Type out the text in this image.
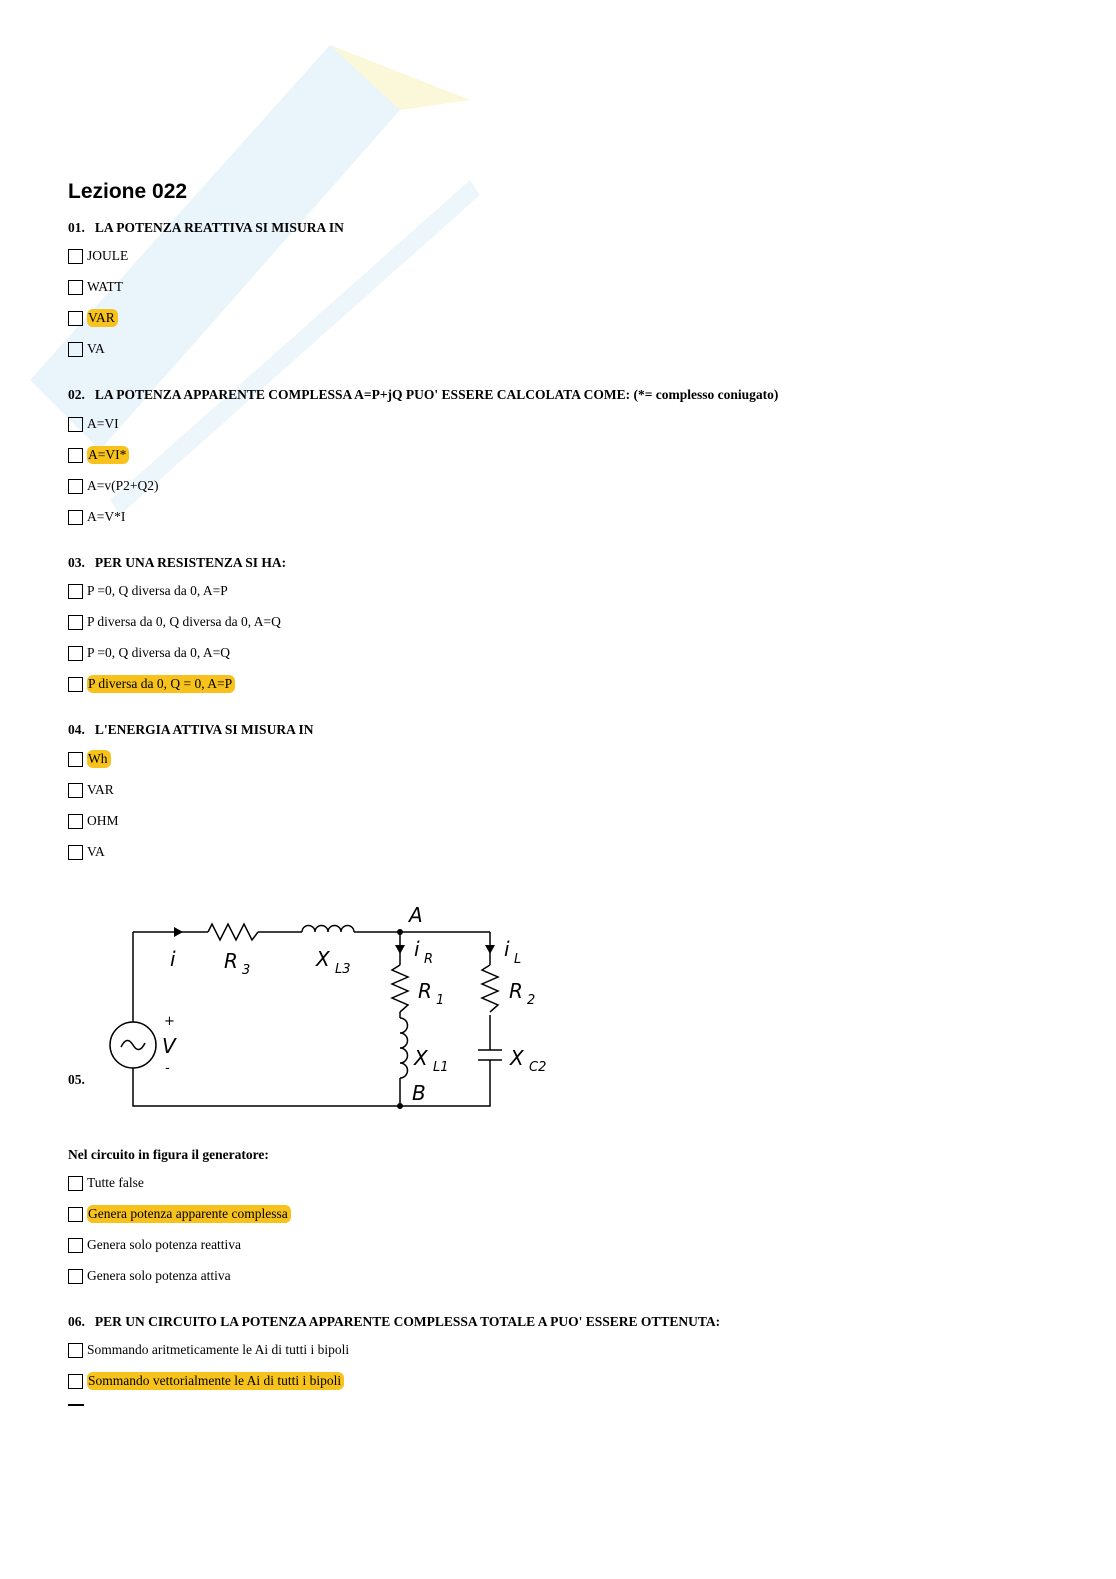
Lezione 022
01. LA POTENZA REATTIVA SI MISURA IN
JOULE
WATT
VAR
VA
02. LA POTENZA APPARENTE COMPLESSA A=P+jQ PUO' ESSERE CALCOLATA COME: (*= complesso coniugato)
A=VI
A=VI*
A=v(P2+Q2)
A=V*I
03. PER UNA RESISTENZA SI HA:
P =0, Q diversa da 0, A=P
P diversa da 0, Q diversa da 0, A=Q
P =0, Q diversa da 0, A=Q
P diversa da 0, Q = 0, A=P
04. L'ENERGIA ATTIVA SI MISURA IN
Wh
VAR
OHM
VA
05.
Nel circuito in figura il generatore:
Tutte false
Genera potenza apparente complessa
Genera solo potenza reattiva
Genera solo potenza attiva
06. PER UN CIRCUITO LA POTENZA APPARENTE COMPLESSA TOTALE A PUO' ESSERE OTTENUTA:
Sommando aritmeticamente le Ai di tutti i bipoli
Sommando vettorialmente le Ai di tutti i bipoli
i R 3	X L3
A
B
i R	i L
R 1	R 2
X L1	X C2
V
+
-
